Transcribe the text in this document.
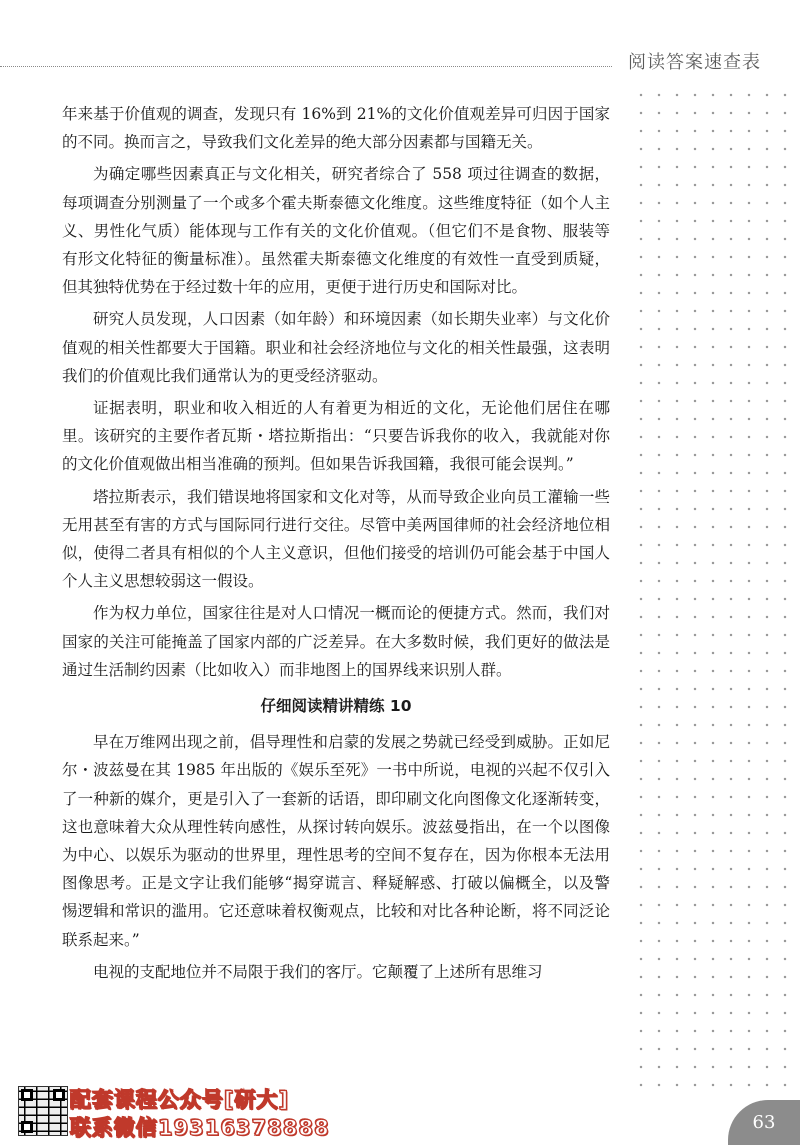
阅读答案速查表

年来基于价值观的调查，发现只有 16%到 21%的文化价值观差异可归因于国家的不同。换而言之，导致我们文化差异的绝大部分因素都与国籍无关。

为确定哪些因素真正与文化相关，研究者综合了 558 项过往调查的数据，每项调查分别测量了一个或多个霍夫斯泰德文化维度。这些维度特征（如个人主义、男性化气质）能体现与工作有关的文化价值观。（但它们不是食物、服装等有形文化特征的衡量标准）。虽然霍夫斯泰德文化维度的有效性一直受到质疑，但其独特优势在于经过数十年的应用，更便于进行历史和国际对比。

研究人员发现，人口因素（如年龄）和环境因素（如长期失业率）与文化价值观的相关性都要大于国籍。职业和社会经济地位与文化的相关性最强，这表明我们的价值观比我们通常认为的更受经济驱动。

证据表明，职业和收入相近的人有着更为相近的文化，无论他们居住在哪里。该研究的主要作者瓦斯・塔拉斯指出：“只要告诉我你的收入，我就能对你的文化价值观做出相当准确的预判。但如果告诉我国籍，我很可能会误判。”

塔拉斯表示，我们错误地将国家和文化对等，从而导致企业向员工灌输一些无用甚至有害的方式与国际同行进行交往。尽管中美两国律师的社会经济地位相似，使得二者具有相似的个人主义意识，但他们接受的培训仍可能会基于中国人个人主义思想较弱这一假设。

作为权力单位，国家往往是对人口情况一概而论的便捷方式。然而，我们对国家的关注可能掩盖了国家内部的广泛差异。在大多数时候，我们更好的做法是通过生活制约因素（比如收入）而非地图上的国界线来识别人群。

仔细阅读精讲精练 10

早在万维网出现之前，倡导理性和启蒙的发展之势就已经受到威胁。正如尼尔・波兹曼在其 1985 年出版的《娱乐至死》一书中所说，电视的兴起不仅引入了一种新的媒介，更是引入了一套新的话语，即印刷文化向图像文化逐渐转变，这也意味着大众从理性转向感性，从探讨转向娱乐。波兹曼指出，在一个以图像为中心、以娱乐为驱动的世界里，理性思考的空间不复存在，因为你根本无法用图像思考。正是文字让我们能够“揭穿谎言、释疑解惑、打破以偏概全，以及警惕逻辑和常识的滥用。它还意味着权衡观点，比较和对比各种论断，将不同泛论联系起来。”

电视的支配地位并不局限于我们的客厅。它颠覆了上述所有思维习

配套课程公众号[研大]
联系微信19316378888	63
